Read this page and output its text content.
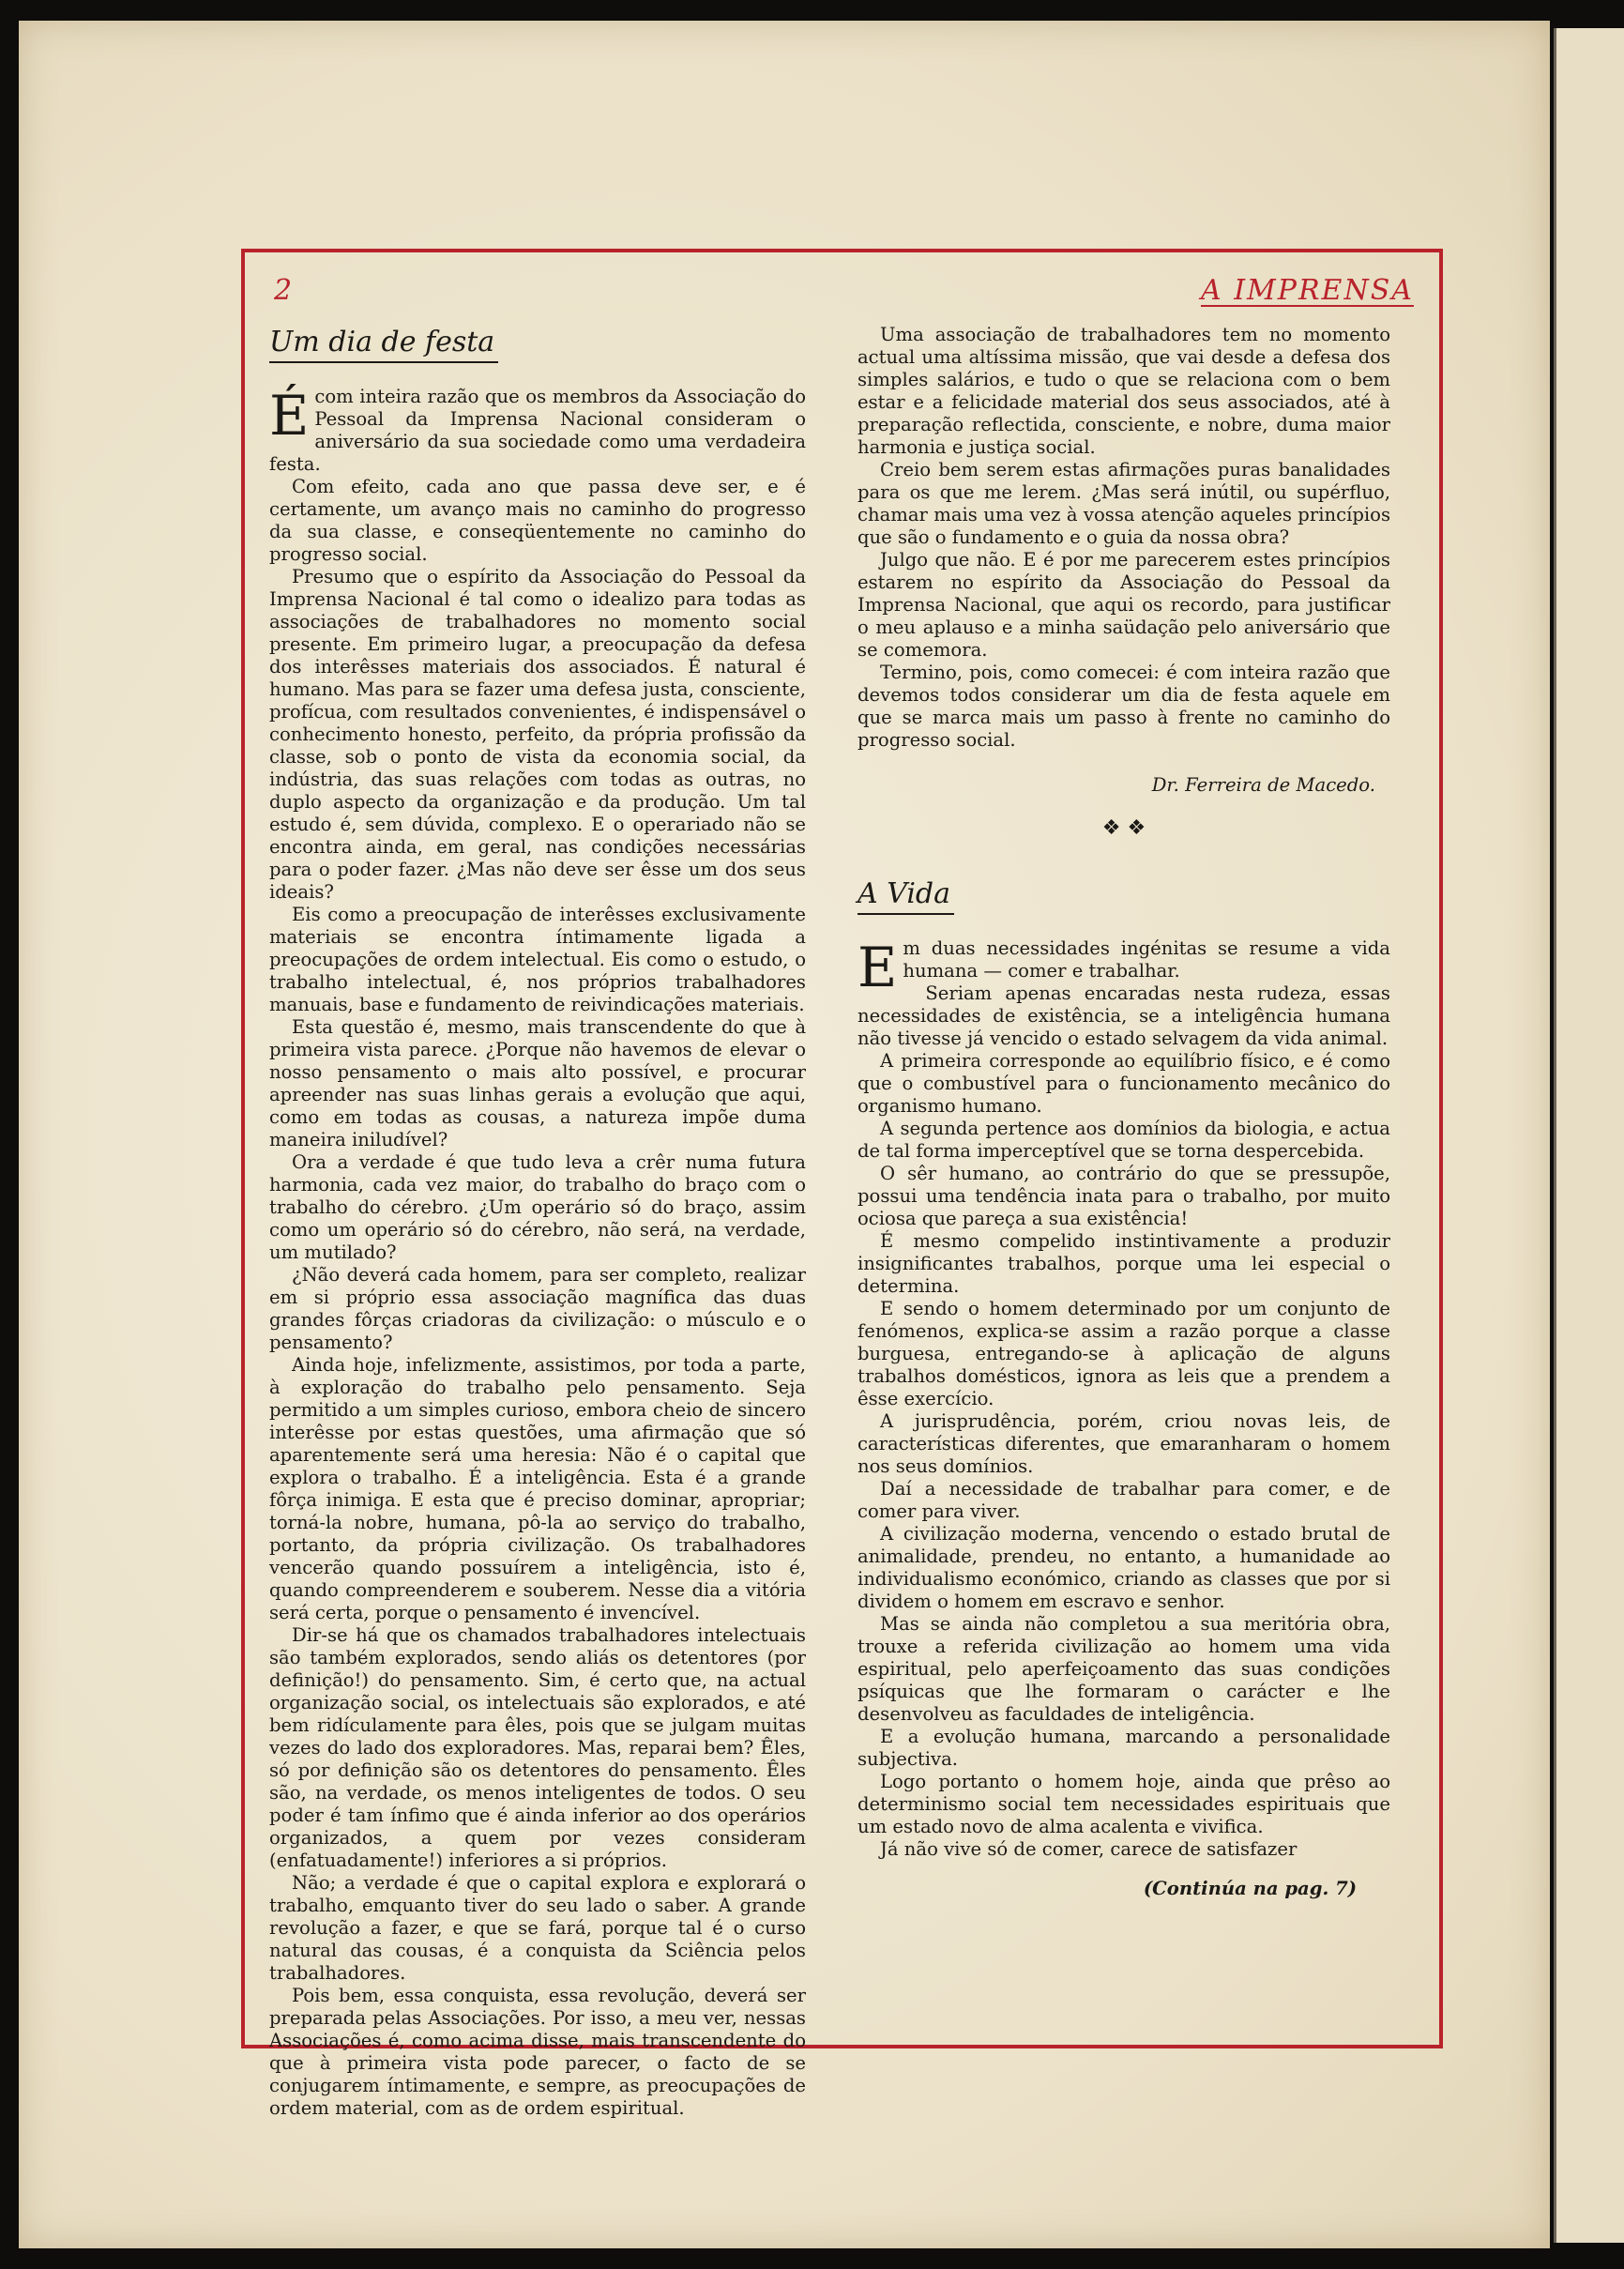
2	A IMPRENSA
Um dia de festa

Écom inteira razão que os membros da Associação do Pessoal da Imprensa Nacional consideram o aniversário da sua sociedade como uma verdadeira festa.

Com efeito, cada ano que passa deve ser, e é certamente, um avanço mais no caminho do progresso da sua classe, e conseqüentemente no caminho do progresso social.

Presumo que o espírito da Associação do Pessoal da Imprensa Nacional é tal como o idealizo para todas as associações de trabalhadores no momento social presente. Em primeiro lugar, a preocupação da defesa dos interêsses materiais dos associados. É natural é humano. Mas para se fazer uma defesa justa, consciente, profícua, com resultados convenientes, é indispensável o conhecimento honesto, perfeito, da própria profissão da classe, sob o ponto de vista da economia social, da indústria, das suas relações com todas as outras, no duplo aspecto da organização e da produção. Um tal estudo é, sem dúvida, complexo. E o operariado não se encontra ainda, em geral, nas condições necessárias para o poder fazer. ¿Mas não deve ser êsse um dos seus ideais?

Eis como a preocupação de interêsses exclusivamente materiais se encontra íntimamente ligada a preocupações de ordem intelectual. Eis como o estudo, o trabalho intelectual, é, nos próprios trabalhadores manuais, base e fundamento de reivindicações materiais.

Esta questão é, mesmo, mais transcendente do que à primeira vista parece. ¿Porque não havemos de elevar o nosso pensamento o mais alto possível, e procurar apreender nas suas linhas gerais a evolução que aqui, como em todas as cousas, a natureza impõe duma maneira iniludível?

Ora a verdade é que tudo leva a crêr numa futura harmonia, cada vez maior, do trabalho do braço com o trabalho do cérebro. ¿Um operário só do braço, assim como um operário só do cérebro, não será, na verdade, um mutilado?

¿Não deverá cada homem, para ser completo, realizar em si próprio essa associação magnífica das duas grandes fôrças criadoras da civilização: o músculo e o pensamento?

Ainda hoje, infelizmente, assistimos, por toda a parte, à exploração do trabalho pelo pensamento. Seja permitido a um simples curioso, embora cheio de sincero interêsse por estas questões, uma afirmação que só aparentemente será uma heresia: Não é o capital que explora o trabalho. É a inteligência. Esta é a grande fôrça inimiga. E esta que é preciso dominar, apropriar; torná-la nobre, humana, pô-la ao serviço do trabalho, portanto, da própria civilização. Os trabalhadores vencerão quando possuírem a inteligência, isto é, quando compreenderem e souberem. Nesse dia a vitória será certa, porque o pensamento é invencível.

Dir-se há que os chamados trabalhadores intelectuais são também explorados, sendo aliás os detentores (por definição!) do pensamento. Sim, é certo que, na actual organização social, os intelectuais são explorados, e até bem ridículamente para êles, pois que se julgam muitas vezes do lado dos exploradores. Mas, reparai bem? Êles, só por definição são os detentores do pensamento. Êles são, na verdade, os menos inteligentes de todos. O seu poder é tam ínfimo que é ainda inferior ao dos operários organizados, a quem por vezes consideram (enfatuadamente!) inferiores a si próprios.

Não; a verdade é que o capital explora e explorará o trabalho, emquanto tiver do seu lado o saber. A grande revolução a fazer, e que se fará, porque tal é o curso natural das cousas, é a conquista da Sciência pelos trabalhadores.

Pois bem, essa conquista, essa revolução, deverá ser preparada pelas Associações. Por isso, a meu ver, nessas Associações é, como acima disse, mais transcendente do que à primeira vista pode parecer, o facto de se conjugarem íntimamente, e sempre, as preocupações de ordem material, com as de ordem espiritual.

Uma associação de trabalhadores tem no momento actual uma altíssima missão, que vai desde a defesa dos simples salários, e tudo o que se relaciona com o bem estar e a felicidade material dos seus associados, até à preparação reflectida, consciente, e nobre, duma maior harmonia e justiça social.

Creio bem serem estas afirmações puras banalidades para os que me lerem. ¿Mas será inútil, ou supérfluo, chamar mais uma vez à vossa atenção aqueles princípios que são o fundamento e o guia da nossa obra?

Julgo que não. E é por me parecerem estes princípios estarem no espírito da Associação do Pessoal da Imprensa Nacional, que aqui os recordo, para justificar o meu aplauso e a minha saüdação pelo aniversário que se comemora.

Termino, pois, como comecei: é com inteira razão que devemos todos considerar um dia de festa aquele em que se marca mais um passo à frente no caminho do progresso social.

Dr. Ferreira de Macedo.
❖ ❖
A Vida

Em duas necessidades ingénitas se resume a vida humana — comer e trabalhar.

Seriam apenas encaradas nesta rudeza, essas necessidades de existência, se a inteligência humana não tivesse já vencido o estado selvagem da vida animal.

A primeira corresponde ao equilíbrio físico, e é como que o combustível para o funcionamento mecânico do organismo humano.

A segunda pertence aos domínios da biologia, e actua de tal forma imperceptível que se torna despercebida.

O sêr humano, ao contrário do que se pressupõe, possui uma tendência inata para o trabalho, por muito ociosa que pareça a sua existência!

É mesmo compelido instintivamente a produzir insignificantes trabalhos, porque uma lei especial o determina.

E sendo o homem determinado por um conjunto de fenómenos, explica-se assim a razão porque a classe burguesa, entregando-se à aplicação de alguns trabalhos domésticos, ignora as leis que a prendem a êsse exercício.

A jurisprudência, porém, criou novas leis, de características diferentes, que emaranharam o homem nos seus domínios.

Daí a necessidade de trabalhar para comer, e de comer para viver.

A civilização moderna, vencendo o estado brutal de animalidade, prendeu, no entanto, a humanidade ao individualismo económico, criando as classes que por si dividem o homem em escravo e senhor.

Mas se ainda não completou a sua meritória obra, trouxe a referida civilização ao homem uma vida espiritual, pelo aperfeiçoamento das suas condições psíquicas que lhe formaram o carácter e lhe desenvolveu as faculdades de inteligência.

E a evolução humana, marcando a personalidade subjectiva.

Logo portanto o homem hoje, ainda que prêso ao determinismo social tem necessidades espirituais que um estado novo de alma acalenta e vivifica.

Já não vive só de comer, carece de satisfazer

(Continúa na pag. 7)
